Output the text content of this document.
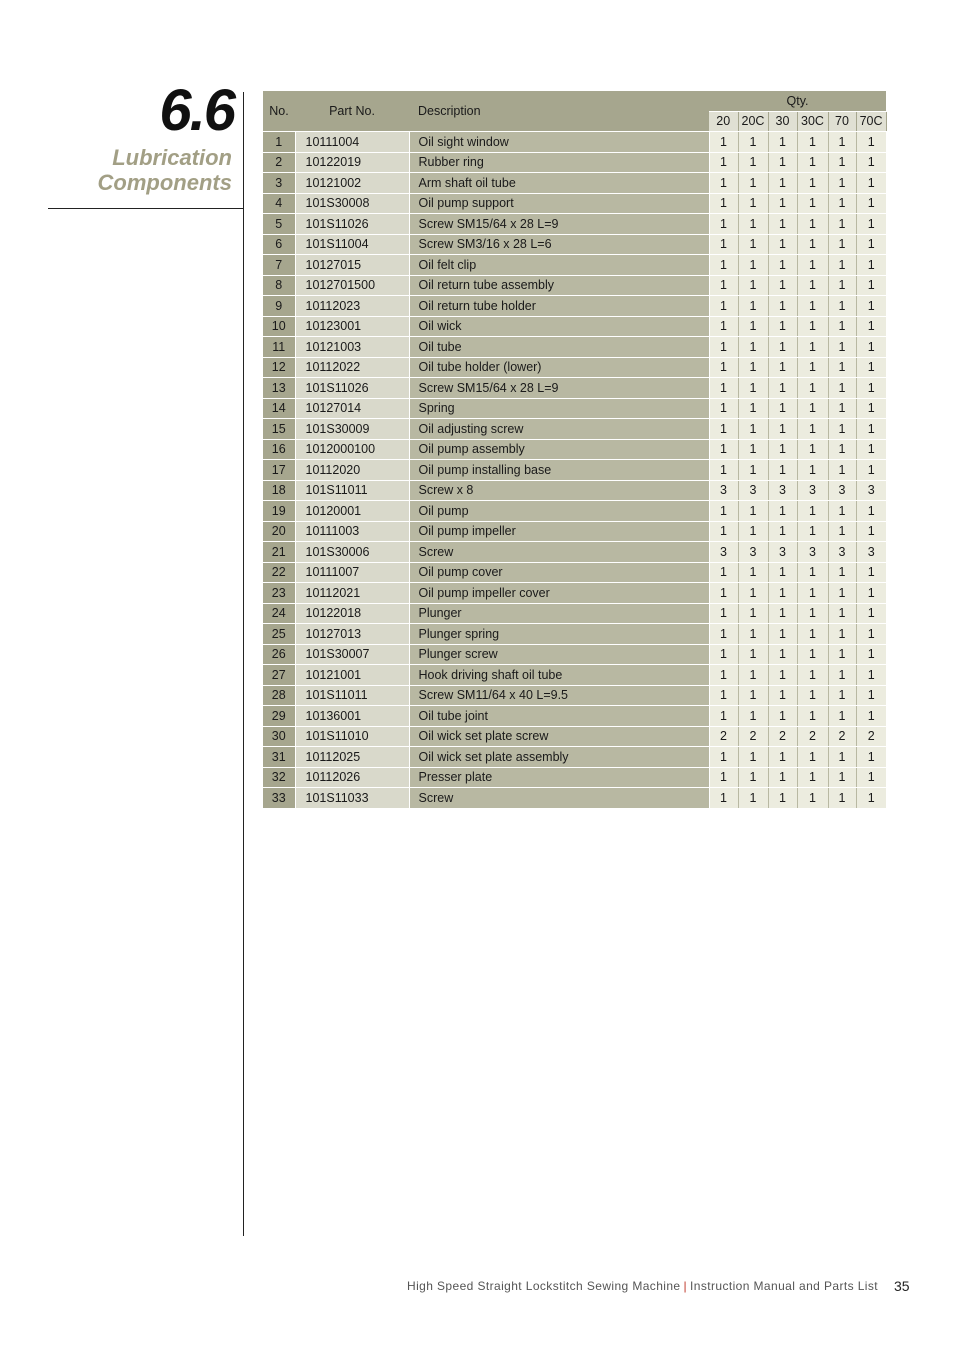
6.6
Lubrication
Components
No.	Part No.	Description	Qty.					
			20	20C	30	30C	70	70C
1	10111004	Oil sight window	1	1	1	1	1	1
2	10122019	Rubber ring	1	1	1	1	1	1
3	10121002	Arm shaft oil tube	1	1	1	1	1	1
4	101S30008	Oil pump support	1	1	1	1	1	1
5	101S11026	Screw SM15/64 x 28 L=9	1	1	1	1	1	1
6	101S11004	Screw SM3/16 x 28 L=6	1	1	1	1	1	1
7	10127015	Oil felt clip	1	1	1	1	1	1
8	1012701500	Oil return tube assembly	1	1	1	1	1	1
9	10112023	Oil return tube holder	1	1	1	1	1	1
10	10123001	Oil wick	1	1	1	1	1	1
11	10121003	Oil tube	1	1	1	1	1	1
12	10112022	Oil tube holder (lower)	1	1	1	1	1	1
13	101S11026	Screw SM15/64 x 28 L=9	1	1	1	1	1	1
14	10127014	Spring	1	1	1	1	1	1
15	101S30009	Oil adjusting screw	1	1	1	1	1	1
16	1012000100	Oil pump assembly	1	1	1	1	1	1
17	10112020	Oil pump installing base	1	1	1	1	1	1
18	101S11011	Screw x 8	3	3	3	3	3	3
19	10120001	Oil pump	1	1	1	1	1	1
20	10111003	Oil pump impeller	1	1	1	1	1	1
21	101S30006	Screw	3	3	3	3	3	3
22	10111007	Oil pump cover	1	1	1	1	1	1
23	10112021	Oil pump impeller cover	1	1	1	1	1	1
24	10122018	Plunger	1	1	1	1	1	1
25	10127013	Plunger spring	1	1	1	1	1	1
26	101S30007	Plunger screw	1	1	1	1	1	1
27	10121001	Hook driving shaft oil tube	1	1	1	1	1	1
28	101S11011	Screw SM11/64 x 40 L=9.5	1	1	1	1	1	1
29	10136001	Oil tube joint	1	1	1	1	1	1
30	101S11010	Oil wick set plate screw	2	2	2	2	2	2
31	10112025	Oil wick set plate assembly	1	1	1	1	1	1
32	10112026	Presser plate	1	1	1	1	1	1
33	101S11033	Screw	1	1	1	1	1	1
High Speed Straight Lockstitch Sewing Machine | Instruction Manual and Parts List 35
